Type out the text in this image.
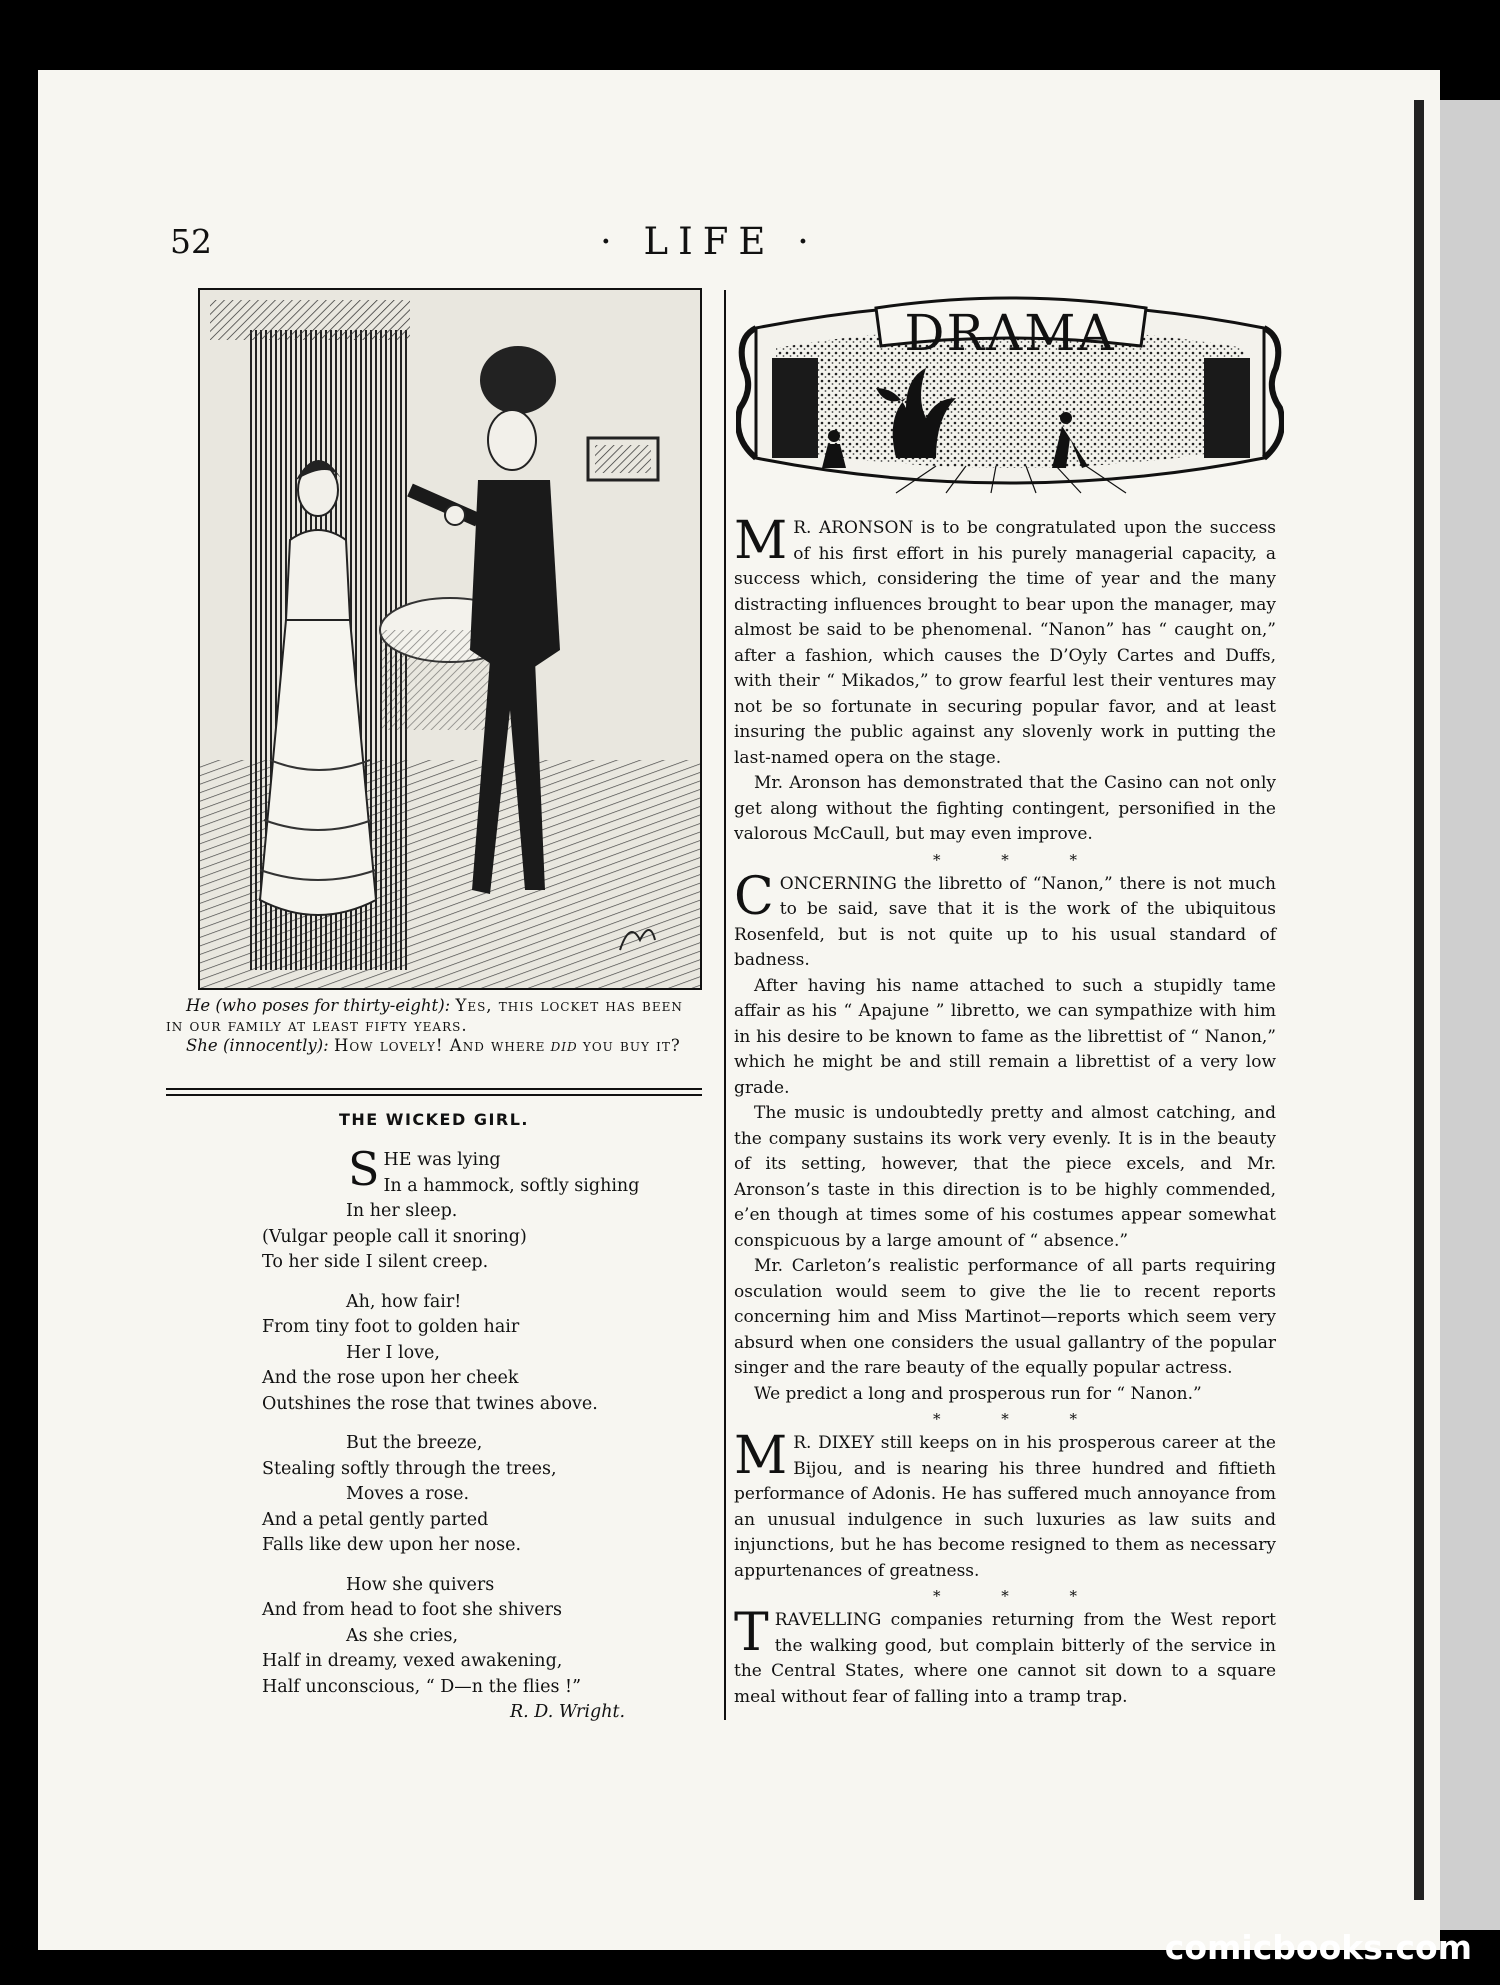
52	· LIFE ·
He (who poses for thirty-eight): Yes, this locket has been in our family at least fifty years.
She (innocently): How lovely! And where did you buy it?
THE WICKED GIRL.
S HE was lying
In a hammock, softly sighing
In her sleep.
(Vulgar people call it snoring)
To her side I silent creep.
Ah, how fair!
From tiny foot to golden hair
Her I love,
And the rose upon her cheek
Outshines the rose that twines above.
But the breeze,
Stealing softly through the trees,
Moves a rose.
And a petal gently parted
Falls like dew upon her nose.
How she quivers
And from head to foot she shivers
As she cries,
Half in dreamy, vexed awakening,
Half unconscious, “ D—n the flies !”
R. D. Wright.
DRAMA

M R. ARONSON is to be congratulated upon the success of his first effort in his purely managerial capacity, a success which, considering the time of year and the many distracting influences brought to bear upon the manager, may almost be said to be phenomenal. “Nanon” has “ caught on,” after a fashion, which causes the D’Oyly Cartes and Duffs, with their “ Mikados,” to grow fearful lest their ventures may not be so fortunate in securing popular favor, and at least insuring the public against any slovenly work in putting the last-named opera on the stage.

Mr. Aronson has demonstrated that the Casino can not only get along without the fighting contingent, personified in the valorous McCaull, but may even improve.

* * *

CONCERNING the libretto of “Nanon,” there is not much to be said, save that it is the work of the ubiquitous Rosenfeld, but is not quite up to his usual standard of badness.

After having his name attached to such a stupidly tame affair as his “ Apajune ” libretto, we can sympathize with him in his desire to be known to fame as the librettist of “ Nanon,” which he might be and still remain a librettist of a very low grade.

The music is undoubtedly pretty and almost catching, and the company sustains its work very evenly. It is in the beauty of its setting, however, that the piece excels, and Mr. Aronson’s taste in this direction is to be highly commended, e’en though at times some of his costumes appear somewhat conspicuous by a large amount of “ absence.”

Mr. Carleton’s realistic performance of all parts requiring osculation would seem to give the lie to recent reports concerning him and Miss Martinot—reports which seem very absurd when one considers the usual gallantry of the popular singer and the rare beauty of the equally popular actress.

We predict a long and prosperous run for “ Nanon.”

* * *

M R. DIXEY still keeps on in his prosperous career at the Bijou, and is nearing his three hundred and fiftieth performance of Adonis. He has suffered much annoyance from an unusual indulgence in such luxuries as law suits and injunctions, but he has become resigned to them as necessary appurtenances of greatness.

* * *

TRAVELLING companies returning from the West report the walking good, but complain bitterly of the service in the Central States, where one cannot sit down to a square meal without fear of falling into a tramp trap.

comicbooks.com
